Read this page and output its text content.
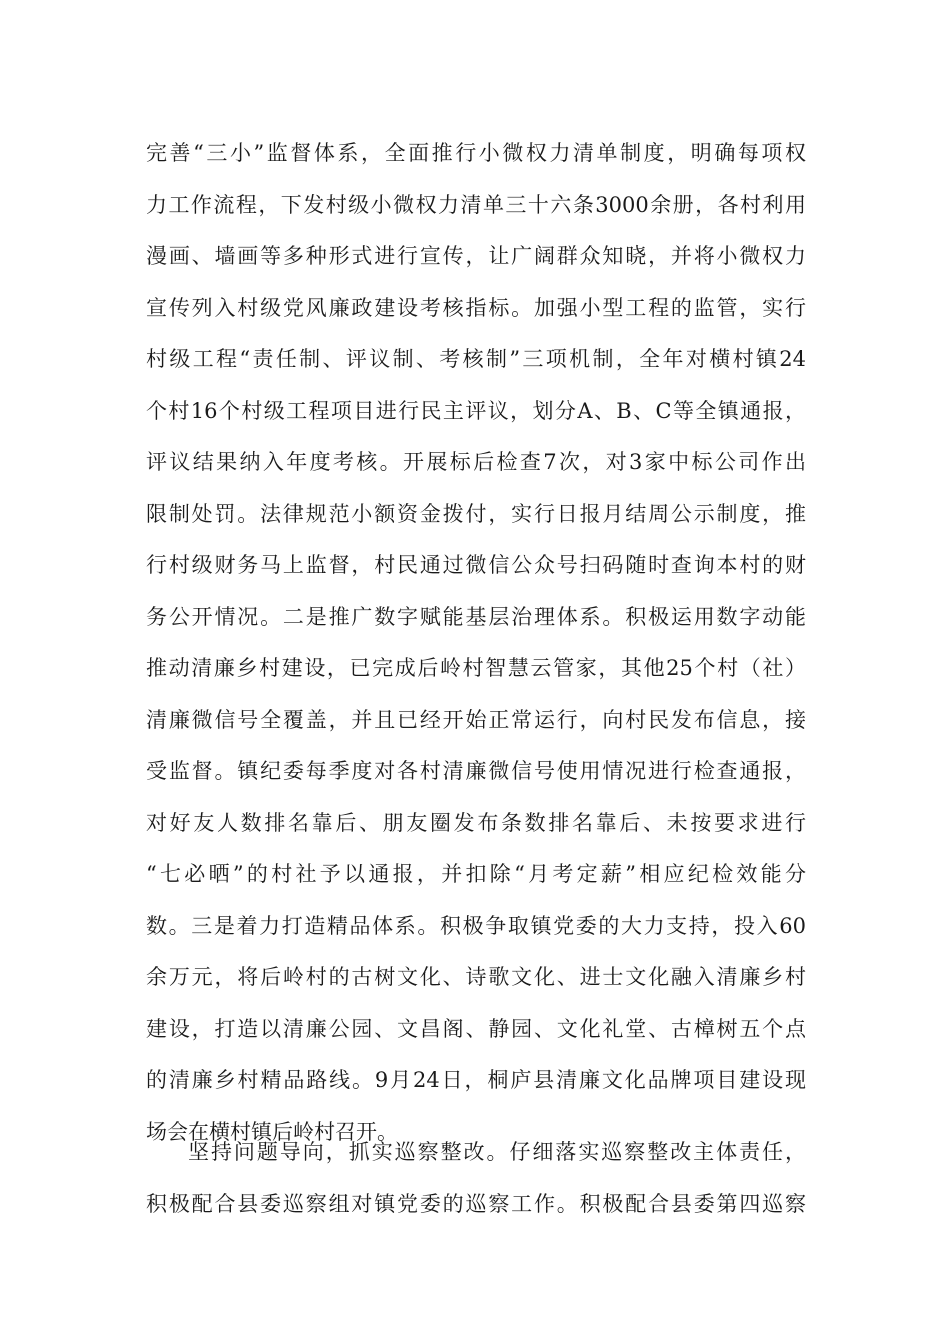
完善“三小”监督体系，全面推行小微权力清单制度，明确每项权
力工作流程，下发村级小微权力清单三十六条3000余册，各村利用
漫画、墙画等多种形式进行宣传，让广阔群众知晓，并将小微权力
宣传列入村级党风廉政建设考核指标。加强小型工程的监管，实行
村级工程“责任制、评议制、考核制”三项机制，全年对横村镇24
个村16个村级工程项目进行民主评议，划分A、B、C等全镇通报，
评议结果纳入年度考核。开展标后检查7次，对3家中标公司作出
限制处罚。法律规范小额资金拨付，实行日报月结周公示制度，推
行村级财务马上监督，村民通过微信公众号扫码随时查询本村的财
务公开情况。二是推广数字赋能基层治理体系。积极运用数字动能
推动清廉乡村建设，已完成后岭村智慧云管家，其他25个村（社）
清廉微信号全覆盖，并且已经开始正常运行，向村民发布信息，接
受监督。镇纪委每季度对各村清廉微信号使用情况进行检查通报，
对好友人数排名靠后、朋友圈发布条数排名靠后、未按要求进行
“七必晒”的村社予以通报，并扣除“月考定薪”相应纪检效能分
数。三是着力打造精品体系。积极争取镇党委的大力支持，投入60
余万元，将后岭村的古树文化、诗歌文化、进士文化融入清廉乡村
建设，打造以清廉公园、文昌阁、静园、文化礼堂、古樟树五个点
的清廉乡村精品路线。9月24日，桐庐县清廉文化品牌项目建设现
场会在横村镇后岭村召开。
坚持问题导向，抓实巡察整改。仔细落实巡察整改主体责任，
积极配合县委巡察组对镇党委的巡察工作。积极配合县委第四巡察
